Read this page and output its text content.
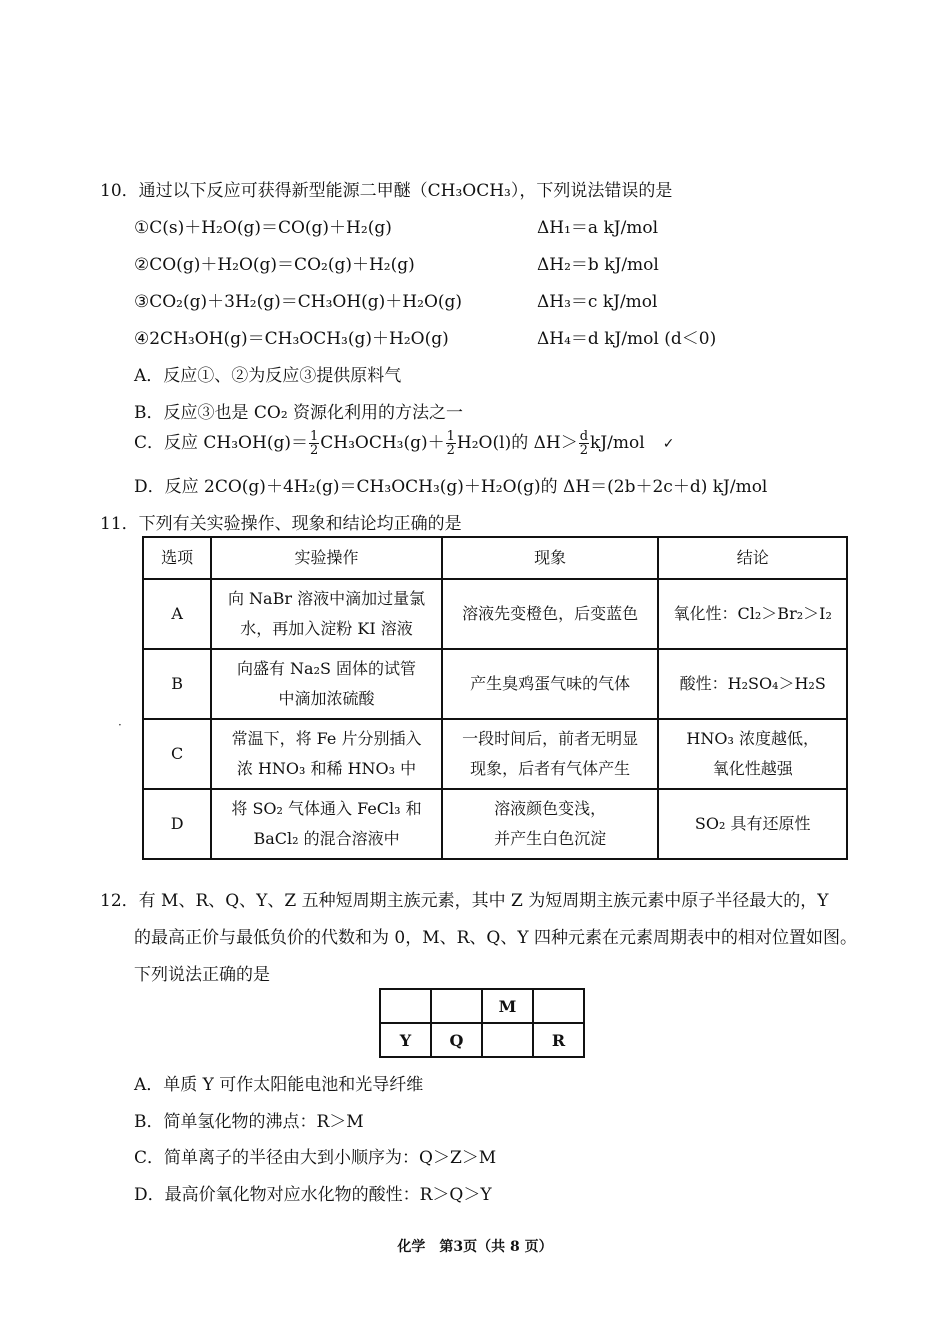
10．通过以下反应可获得新型能源二甲醚（CH₃OCH₃），下列说法错误的是
①C(s)＋H₂O(g)＝CO(g)＋H₂(g)	ΔH₁＝a kJ/mol
②CO(g)＋H₂O(g)＝CO₂(g)＋H₂(g)	ΔH₂＝b kJ/mol
③CO₂(g)＋3H₂(g)＝CH₃OH(g)＋H₂O(g)	ΔH₃＝c kJ/mol
④2CH₃OH(g)＝CH₃OCH₃(g)＋H₂O(g)	ΔH₄＝d kJ/mol (d＜0)
A．反应①、②为反应③提供原料气
B．反应③也是 CO₂ 资源化利用的方法之一
C．反应 $CH_3OH(g)= \frac{1}{2} CH_3OCH_3(g)+ \frac{1}{2} H_2O(l)$的 $\Delta H> \frac{d}{2} kJ/mol$ ✓
D．反应 2CO(g)＋4H₂(g)＝CH₃OCH₃(g)＋H₂O(g)的 ΔH＝(2b＋2c＋d) kJ/mol
11．下列有关实验操作、现象和结论均正确的是
选项	实验操作	现象	结论
A	向 NaBr 溶液中滴加过量氯
水，再加入淀粉 KI 溶液	溶液先变橙色，后变蓝色	氧化性：Cl₂＞Br₂＞I₂
B	向盛有 Na₂S 固体的试管
中滴加浓硫酸	产生臭鸡蛋气味的气体	酸性：H₂SO₄＞H₂S
C	常温下，将 Fe 片分别插入
浓 HNO₃ 和稀 HNO₃ 中	一段时间后，前者无明显
现象，后者有气体产生	HNO₃ 浓度越低，
氧化性越强
D	将 SO₂ 气体通入 FeCl₃ 和
BaCl₂ 的混合溶液中	溶液颜色变浅，
并产生白色沉淀	SO₂ 具有还原性
·
12．有 M、R、Q、Y、Z 五种短周期主族元素，其中 Z 为短周期主族元素中原子半径最大的，Y
的最高正价与最低负价的代数和为 0，M、R、Q、Y 四种元素在元素周期表中的相对位置如图。
下列说法正确的是
		M	
Y	Q		R
A．单质 Y 可作太阳能电池和光导纤维
B．简单氢化物的沸点：R＞M
C．简单离子的半径由大到小顺序为：Q＞Z＞M
D．最高价氧化物对应水化物的酸性：R＞Q＞Y
化学　第3页（共 8 页）
